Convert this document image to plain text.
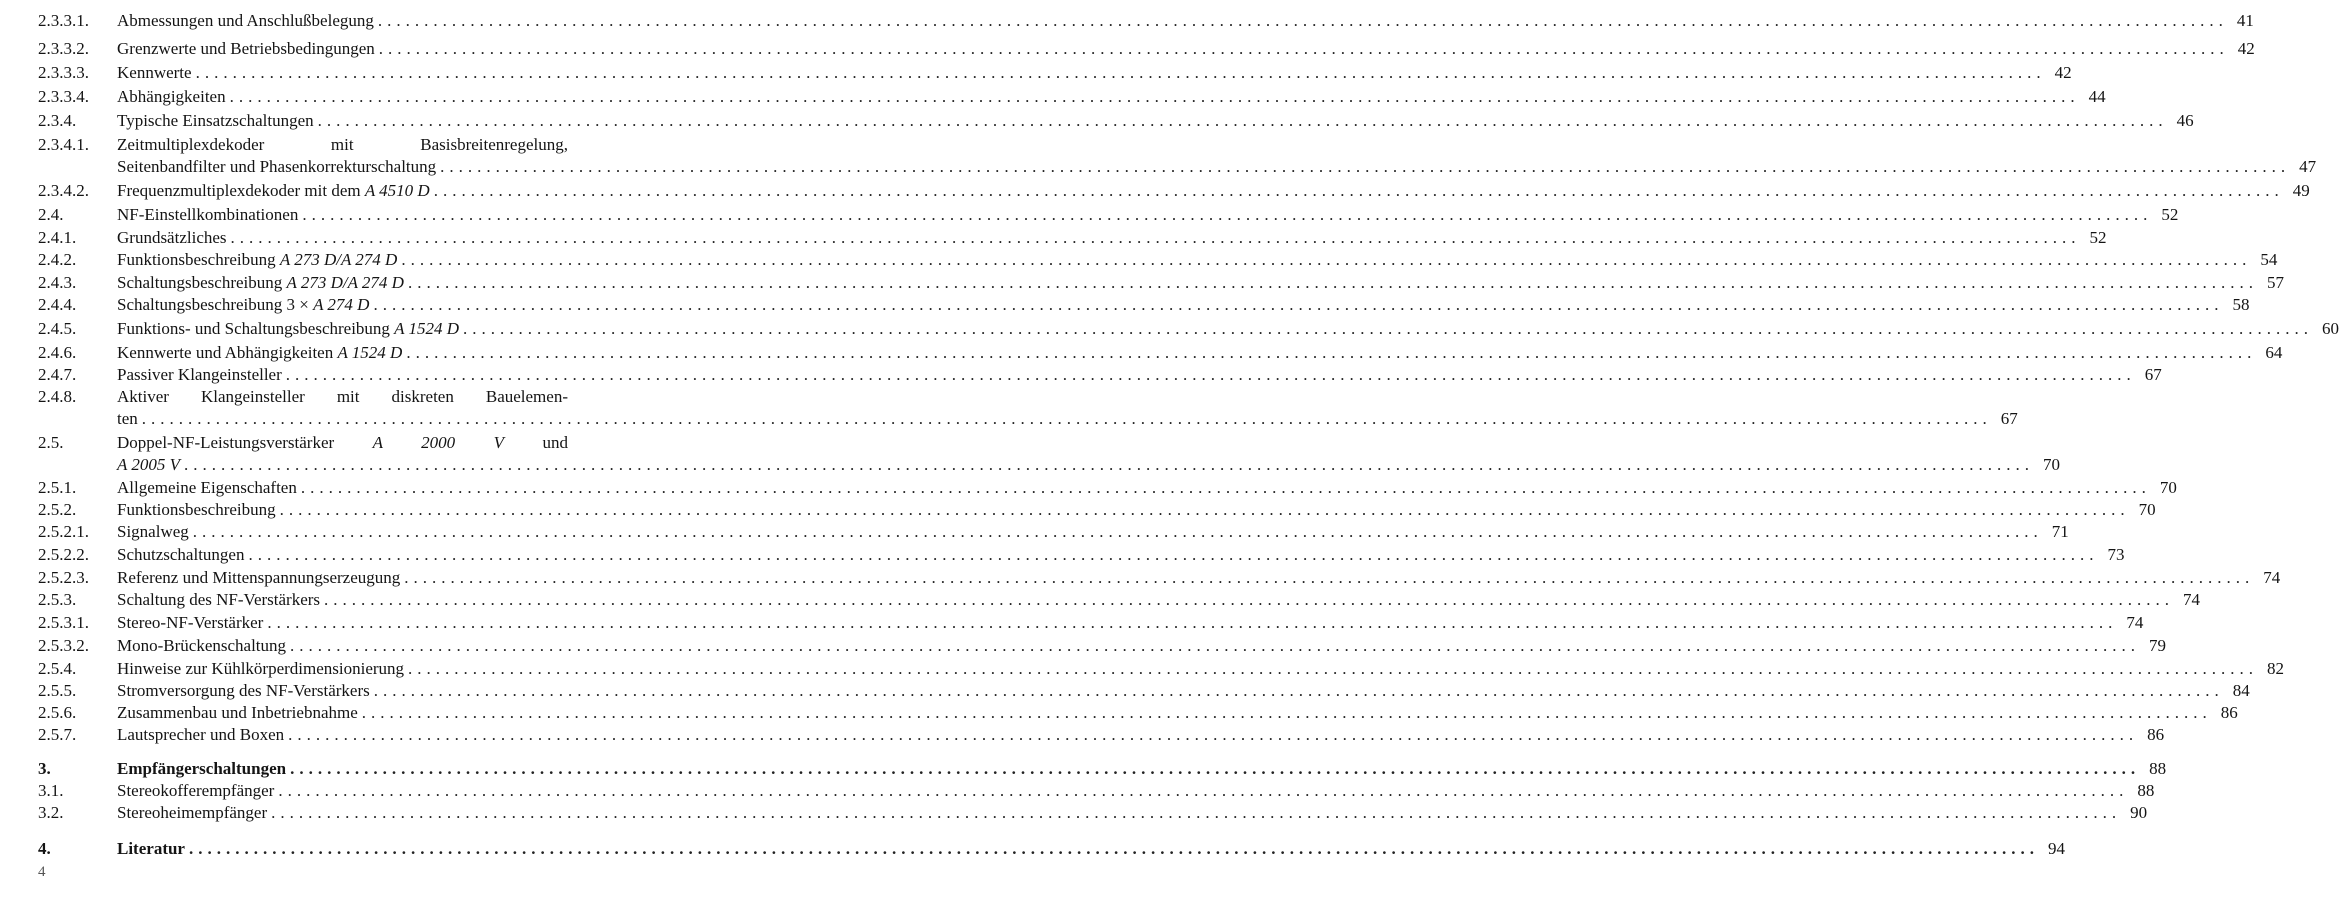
2.3.3.1. Abmessungen und Anschlußbelegung ........................................................................................................................................................................................................ 41
2.3.3.2. Grenzwerte und Betriebsbedingungen ........................................................................................................................................................................................................ 42
2.3.3.3. Kennwerte ........................................................................................................................................................................................................ 42
2.3.3.4. Abhängigkeiten ........................................................................................................................................................................................................ 44
2.3.4. Typische Einsatzschaltungen ........................................................................................................................................................................................................ 46
2.3.4.1. Zeitmultiplexdekoder mit Basisbreitenregelung,
Seitenbandfilter und Phasenkorrekturschaltung ........................................................................................................................................................................................................ 47
2.3.4.2. Frequenzmultiplexdekoder mit dem A 4510 D ........................................................................................................................................................................................................ 49
2.4.	NF-Einstellkombinationen ........................................................................................................................................................................................................ 52
2.4.1. Grundsätzliches ........................................................................................................................................................................................................ 52
2.4.2. Funktionsbeschreibung A 273 D/A 274 D ........................................................................................................................................................................................................ 54
2.4.3. Schaltungsbeschreibung A 273 D/A 274 D ........................................................................................................................................................................................................ 57
2.4.4. Schaltungsbeschreibung 3 × A 274 D ........................................................................................................................................................................................................ 58
2.4.5. Funktions- und Schaltungsbeschreibung A 1524 D ........................................................................................................................................................................................................ 60
2.4.6. Kennwerte und Abhängigkeiten A 1524 D ........................................................................................................................................................................................................ 64
2.4.7. Passiver Klangeinsteller ........................................................................................................................................................................................................ 67
2.4.8. Aktiver Klangeinsteller mit diskreten Bauelemen-
ten ........................................................................................................................................................................................................ 67
2.5.	Doppel-NF-Leistungsverstärker A 2000 V und
A 2005 V ........................................................................................................................................................................................................ 70
2.5.1. Allgemeine Eigenschaften ........................................................................................................................................................................................................ 70
2.5.2. Funktionsbeschreibung ........................................................................................................................................................................................................ 70
2.5.2.1. Signalweg ........................................................................................................................................................................................................ 71
2.5.2.2. Schutzschaltungen ........................................................................................................................................................................................................ 73
2.5.2.3. Referenz und Mittenspannungserzeugung ........................................................................................................................................................................................................ 74
2.5.3. Schaltung des NF-Verstärkers ........................................................................................................................................................................................................ 74
2.5.3.1. Stereo-NF-Verstärker ........................................................................................................................................................................................................ 74
2.5.3.2. Mono-Brückenschaltung ........................................................................................................................................................................................................ 79
2.5.4. Hinweise zur Kühlkörperdimensionierung ........................................................................................................................................................................................................ 82
2.5.5. Stromversorgung des NF-Verstärkers ........................................................................................................................................................................................................ 84
2.5.6. Zusammenbau und Inbetriebnahme ........................................................................................................................................................................................................ 86
2.5.7. Lautsprecher und Boxen ........................................................................................................................................................................................................ 86
3.	Empfängerschaltungen ........................................................................................................................................................................................................ 88
3.1.	Stereokofferempfänger ........................................................................................................................................................................................................ 88
3.2.	Stereoheimempfänger ........................................................................................................................................................................................................ 90
4.	Literatur ........................................................................................................................................................................................................ 94
4
